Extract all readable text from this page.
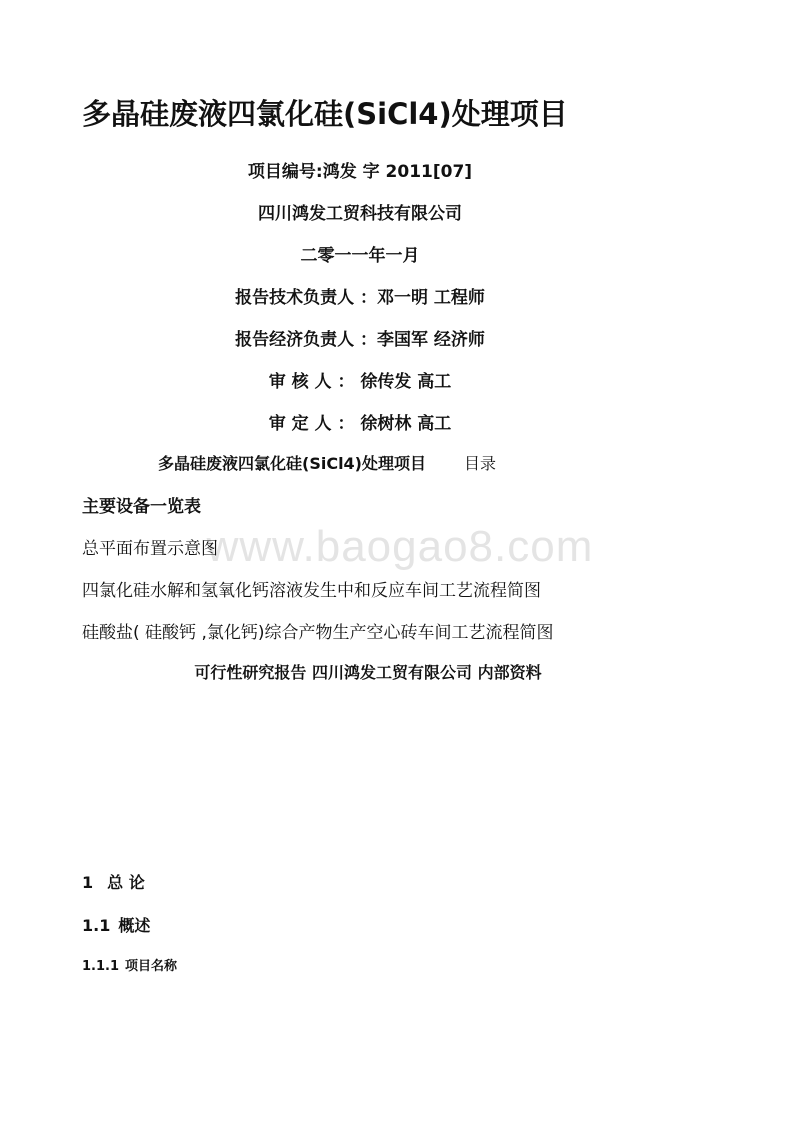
www.baogao8.com
多晶硅废液四氯化硅(SiCl4)处理项目
项目编号:鸿发 字 2011[07]
四川鸿发工贸科技有限公司
二零一一年一月
报告技术负责人 ：邓一明 工程师
报告经济负责人 ：李国军 经济师
审 核 人 ： 徐传发 高工
审 定 人 ： 徐树林 高工
多晶硅废液四氯化硅(SiCl4)处理项目 目录
主要设备一览表
总平面布置示意图
四氯化硅水解和氢氧化钙溶液发生中和反应车间工艺流程简图
硅酸盐( 硅酸钙 ,氯化钙)综合产物生产空心砖车间工艺流程简图
可行性研究报告 四川鸿发工贸有限公司 内部资料
1 总 论
1.1 概述
1.1.1 项目名称
